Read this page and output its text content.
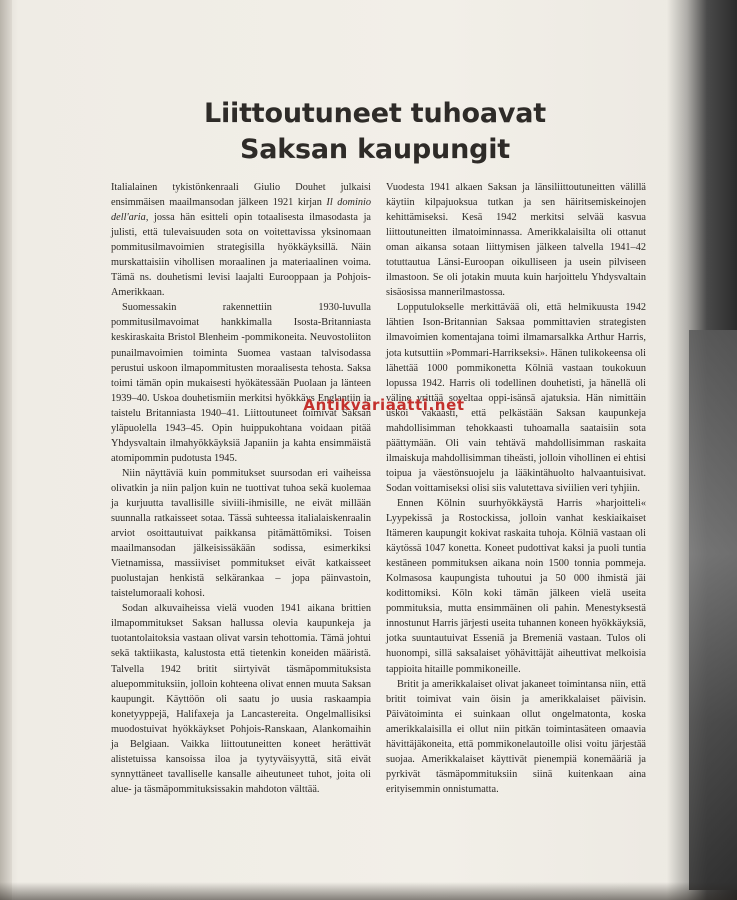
Liittoutuneet tuhoavat
Saksan kaupungit

Italialainen tykistönkenraali Giulio Douhet julkaisi ensimmäisen maailmansodan jälkeen 1921 kirjan Il dominio dell'aria, jossa hän esitteli opin totaalisesta ilmasodasta ja julisti, että tulevaisuuden sota on voitettavissa yksinomaan pommitusilmavoimien strategisilla hyökkäyksillä. Näin murskattaisiin vihollisen moraalinen ja materiaalinen voima. Tämä ns. douhetismi levisi laajalti Eurooppaan ja Pohjois-Amerikkaan.

Suomessakin rakennettiin 1930-luvulla pommitusilmavoimat hankkimalla Isosta-Britanniasta keskiraskaita Bristol Blenheim -pommikoneita. Neuvostoliiton punailmavoimien toiminta Suomea vastaan talvisodassa perustui uskoon ilmapommitusten moraalisesta tehosta. Saksa toimi tämän opin mukaisesti hyökätessään Puolaan ja länteen 1939–40. Uskoa douhetismiin merkitsi hyökkäys Englantiin ja taistelu Britanniasta 1940–41. Liittoutuneet toimivat Saksan yläpuolella 1943–45. Opin huippukohtana voidaan pitää Yhdysvaltain ilmahyökkäyksiä Japaniin ja kahta ensimmäistä atomipommin pudotusta 1945.

Niin näyttäviä kuin pommitukset suursodan eri vaiheissa olivatkin ja niin paljon kuin ne tuottivat tuhoa sekä kuolemaa ja kurjuutta tavallisille siviili-ihmisille, ne eivät millään suunnalla ratkaisseet sotaa. Tässä suhteessa italialaiskenraalin arviot osoittautuivat paikkansa pitämättömiksi. Toisen maailmansodan jälkeisissäkään sodissa, esimerkiksi Vietnamissa, massiiviset pommitukset eivät katkaisseet puolustajan henkistä selkärankaa – jopa päinvastoin, taistelumoraali kohosi.

Sodan alkuvaiheissa vielä vuoden 1941 aikana brittien ilmapommitukset Saksan hallussa olevia kaupunkeja ja tuotantolaitoksia vastaan olivat varsin tehottomia. Tämä johtui sekä taktiikasta, kalustosta että tietenkin koneiden määristä. Talvella 1942 britit siirtyivät täsmäpommituksista aluepommituksiin, jolloin kohteena olivat ennen muuta Saksan kaupungit. Käyttöön oli saatu jo uusia raskaampia konetyyppejä, Halifaxeja ja Lancastereita. Ongelmallisiksi muodostuivat hyökkäykset Pohjois-Ranskaan, Alankomaihin ja Belgiaan. Vaikka liittoutuneitten koneet herättivät alistetuissa kansoissa iloa ja tyytyväisyyttä, sitä eivät synnyttäneet tavalliselle kansalle aiheutuneet tuhot, joita oli alue- ja täsmäpommituksissakin mahdoton välttää.

Vuodesta 1941 alkaen Saksan ja länsiliittoutuneitten välillä käytiin kilpajuoksua tutkan ja sen häiritsemiskeinojen kehittämiseksi. Kesä 1942 merkitsi selvää kasvua liittoutuneitten ilmatoiminnassa. Amerikkalaisilta oli ottanut oman aikansa sotaan liittymisen jälkeen talvella 1941–42 totuttautua Länsi-Euroopan oikulliseen ja usein pilviseen ilmastoon. Se oli jotakin muuta kuin harjoittelu Yhdysvaltain sisäosissa mannerilmastossa.

Lopputulokselle merkittävää oli, että helmikuusta 1942 lähtien Ison-Britannian Saksaa pommittavien strategisten ilmavoimien komentajana toimi ilmamarsalkka Arthur Harris, jota kutsuttiin »Pommari-Harrikseksi». Hänen tulikokeensa oli lähettää 1000 pommikonetta Kölniä vastaan toukokuun lopussa 1942. Harris oli todellinen douhetisti, ja hänellä oli väline yrittää soveltaa oppi-isänsä ajatuksia. Hän nimittäin uskoi vakaasti, että pelkästään Saksan kaupunkeja mahdollisimman tehokkaasti tuhoamalla saataisiin sota päättymään. Oli vain tehtävä mahdollisimman raskaita ilmaiskuja mahdollisimman tiheästi, jolloin vihollinen ei ehtisi toipua ja väestönsuojelu ja lääkintähuolto halvaantuisivat. Sodan voittamiseksi olisi siis valutettava siviilien veri tyhjiin.

Ennen Kölnin suurhyökkäystä Harris »harjoitteli« Lyypekissä ja Rostockissa, jolloin vanhat keskiaikaiset Itämeren kaupungit kokivat raskaita tuhoja. Kölniä vastaan oli käytössä 1047 konetta. Koneet pudottivat kaksi ja puoli tuntia kestäneen pommituksen aikana noin 1500 tonnia pommeja. Kolmasosa kaupungista tuhoutui ja 50 000 ihmistä jäi kodittomiksi. Köln koki tämän jälkeen vielä useita pommituksia, mutta ensimmäinen oli pahin. Menestyksestä innostunut Harris järjesti useita tuhannen koneen hyökkäyksiä, jotka suuntautuivat Esseniä ja Bremeniä vastaan. Tulos oli huonompi, sillä saksalaiset yöhävittäjät aiheuttivat melkoisia tappioita hitaille pommikoneille.

Britit ja amerikkalaiset olivat jakaneet toimintansa niin, että britit toimivat vain öisin ja amerikkalaiset päivisin. Päivätoiminta ei suinkaan ollut ongelmatonta, koska amerikkalaisilla ei ollut niin pitkän toimintasäteen omaavia hävittäjäkoneita, että pommikonelautoille olisi voitu järjestää suojaa. Amerikkalaiset käyttivät pienempiä konemääriä ja pyrkivät täsmäpommituksiin siinä kuitenkaan aina erityisemmin onnistumatta.

Antikvariaatti.net
